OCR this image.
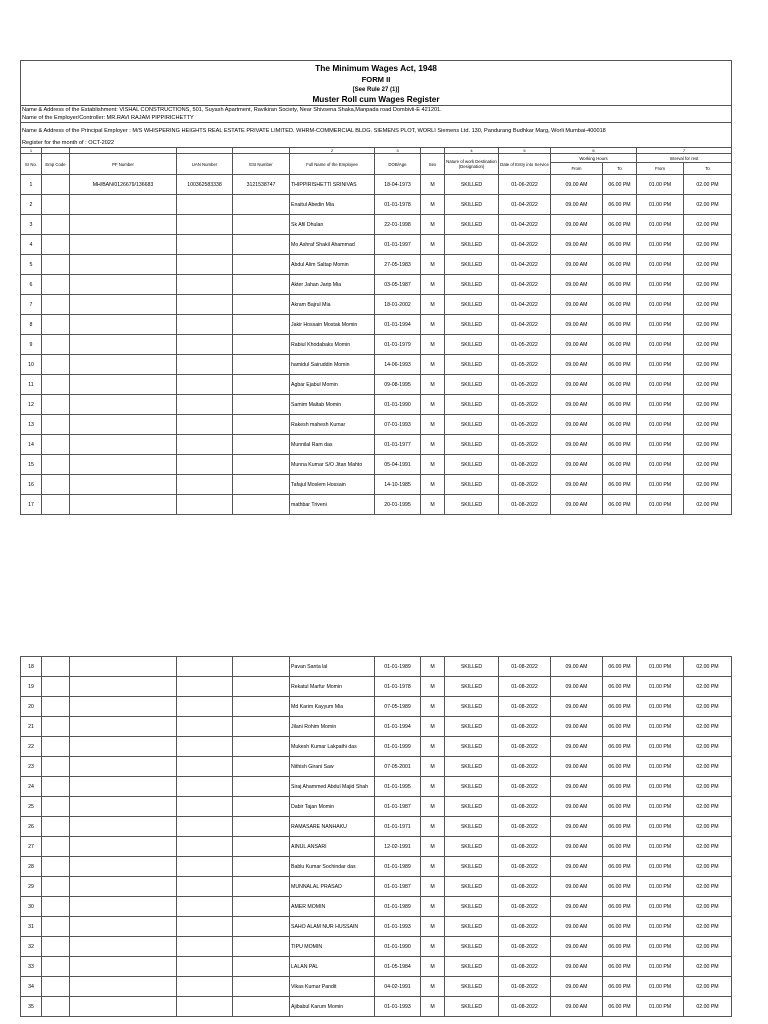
The Minimum Wages Act, 1948													
FORM II													
[See Rule 27 (1)]													
Muster Roll cum Wages Register													
Name & Address of the Establishment: VISHAL CONSTRUCTIONS, 501, Suyash Apartment, Ravikiran Society, Near Shivsena Shaka,Manpada road Dombivli-E 421201.													
Name of the Employer/Controller: MR.RAVI RAJAM PIPPIRICHETTY													
Name & Address of the Principal Employer : M/S WHISPERING HEIGHTS REAL ESTATE PRIVATE LIMITED. WHRM-COMMERCIAL BLDG. SIEMENS PLOT, WORLI Siemens Ltd. 130, Pandurang Budhkar Marg, Worli Mumbai-400018													
Register for the month of : OCT-2022													
1					2	3		4	5	6		7	
Sr No.	Emp Code	PF Number	UAN Number	ESI Number	Full Name of the Employee	DOB/Age	Sex	Nature of work Destination (Designation)	Date of Entry into Service	Working Hours		Interval for rest	
										From	To	From	To
1		MH/BAN/0126679/136683	100362583338	3121538747	THIPPIRISHETTI SRINIVAS	18-04-1973	M	SKILLED	01-06-2022	09.00 AM	06.00 PM	01.00 PM	02.00 PM
2					Enaitul Abedin Mia	01-01-1978	M	SKILLED	01-04-2022	09.00 AM	06.00 PM	01.00 PM	02.00 PM
3					Sk Afil Dhulan	22-01-1998	M	SKILLED	01-04-2022	09.00 AM	06.00 PM	01.00 PM	02.00 PM
4					Mo Ashraf Shakil Ahammad	01-01-1997	M	SKILLED	01-04-2022	09.00 AM	06.00 PM	01.00 PM	02.00 PM
5					Abdul Alim Saltap Momin	27-05-1983	M	SKILLED	01-04-2022	09.00 AM	06.00 PM	01.00 PM	02.00 PM
6					Akter Jahan Jarip Mia	03-05-1987	M	SKILLED	01-04-2022	09.00 AM	06.00 PM	01.00 PM	02.00 PM
7					Akram Bajrul Mia	18-01-2002	M	SKILLED	01-04-2022	09.00 AM	06.00 PM	01.00 PM	02.00 PM
8					Jakir Hossain Mostak Momin	01-01-1994	M	SKILLED	01-04-2022	09.00 AM	06.00 PM	01.00 PM	02.00 PM
9					Rabiul Khodabaks Momin	01-01-1979	M	SKILLED	01-05-2022	09.00 AM	06.00 PM	01.00 PM	02.00 PM
10					hamidul Sairuddin Momin	14-06-1993	M	SKILLED	01-05-2022	09.00 AM	06.00 PM	01.00 PM	02.00 PM
11					Agbar Ejabul Momin	09-08-1995	M	SKILLED	01-05-2022	09.00 AM	06.00 PM	01.00 PM	02.00 PM
12					Samim Maltab Momin	01-01-1990	M	SKILLED	01-05-2022	09.00 AM	06.00 PM	01.00 PM	02.00 PM
13					Rakesh mahesh Kumar	07-01-1993	M	SKILLED	01-05-2022	09.00 AM	06.00 PM	01.00 PM	02.00 PM
14					Munnilal Ram das	01-01-1977	M	SKILLED	01-05-2022	09.00 AM	06.00 PM	01.00 PM	02.00 PM
15					Munna Kumar S/O Jitan Mahto	05-04-1991	M	SKILLED	01-08-2022	09.00 AM	06.00 PM	01.00 PM	02.00 PM
16					Tafajul Moslem Hossain	14-10-1985	M	SKILLED	01-08-2022	09.00 AM	06.00 PM	01.00 PM	02.00 PM
17					mathbar Triveni	20-01-1995	M	SKILLED	01-08-2022	09.00 AM	06.00 PM	01.00 PM	02.00 PM
18					Pavan Santa lal	01-01-1989	M	SKILLED	01-08-2022	09.00 AM	06.00 PM	01.00 PM	02.00 PM
19					Rekatul Marfur Momin	01-01-1978	M	SKILLED	01-08-2022	09.00 AM	06.00 PM	01.00 PM	02.00 PM
20					Md Karim Kayyum Mia	07-05-1989	M	SKILLED	01-08-2022	09.00 AM	06.00 PM	01.00 PM	02.00 PM
21					Jilani Rohim Momin	01-01-1994	M	SKILLED	01-08-2022	09.00 AM	06.00 PM	01.00 PM	02.00 PM
22					Mukesh Kumar Lakpathi das	01-01-1999	M	SKILLED	01-08-2022	09.00 AM	06.00 PM	01.00 PM	02.00 PM
23					Nithish Girani Saw	07-05-2001	M	SKILLED	01-08-2022	09.00 AM	06.00 PM	01.00 PM	02.00 PM
24					Siraj Ahammed Abdul Majid Shah	01-01-1995	M	SKILLED	01-08-2022	09.00 AM	06.00 PM	01.00 PM	02.00 PM
25					Dabir Tajan Momin	01-01-1987	M	SKILLED	01-08-2022	09.00 AM	06.00 PM	01.00 PM	02.00 PM
26					RAMASARE NANHAKU	01-01-1971	M	SKILLED	01-08-2022	09.00 AM	06.00 PM	01.00 PM	02.00 PM
27					AINUL ANSARI	12-02-1991	M	SKILLED	01-08-2022	09.00 AM	06.00 PM	01.00 PM	02.00 PM
28					Bablu Kumar Sochindar das	01-01-1989	M	SKILLED	01-08-2022	09.00 AM	06.00 PM	01.00 PM	02.00 PM
29					MUNNALAL PRASAD	01-01-1987	M	SKILLED	01-08-2022	09.00 AM	06.00 PM	01.00 PM	02.00 PM
30					AMER MOMIN	01-01-1989	M	SKILLED	01-08-2022	09.00 AM	06.00 PM	01.00 PM	02.00 PM
31					SAHO ALAM NUR HUSSAIN	01-01-1993	M	SKILLED	01-08-2022	09.00 AM	06.00 PM	01.00 PM	02.00 PM
32					TIPU MOMIN	01-01-1990	M	SKILLED	01-08-2022	09.00 AM	06.00 PM	01.00 PM	02.00 PM
33					LALAN PAL	01-05-1984	M	SKILLED	01-08-2022	09.00 AM	06.00 PM	01.00 PM	02.00 PM
34					Vikas Kumar Pandit	04-02-1991	M	SKILLED	01-08-2022	09.00 AM	06.00 PM	01.00 PM	02.00 PM
35					Ajibabul Karum Momin	01-01-1993	M	SKILLED	01-08-2022	09.00 AM	06.00 PM	01.00 PM	02.00 PM
